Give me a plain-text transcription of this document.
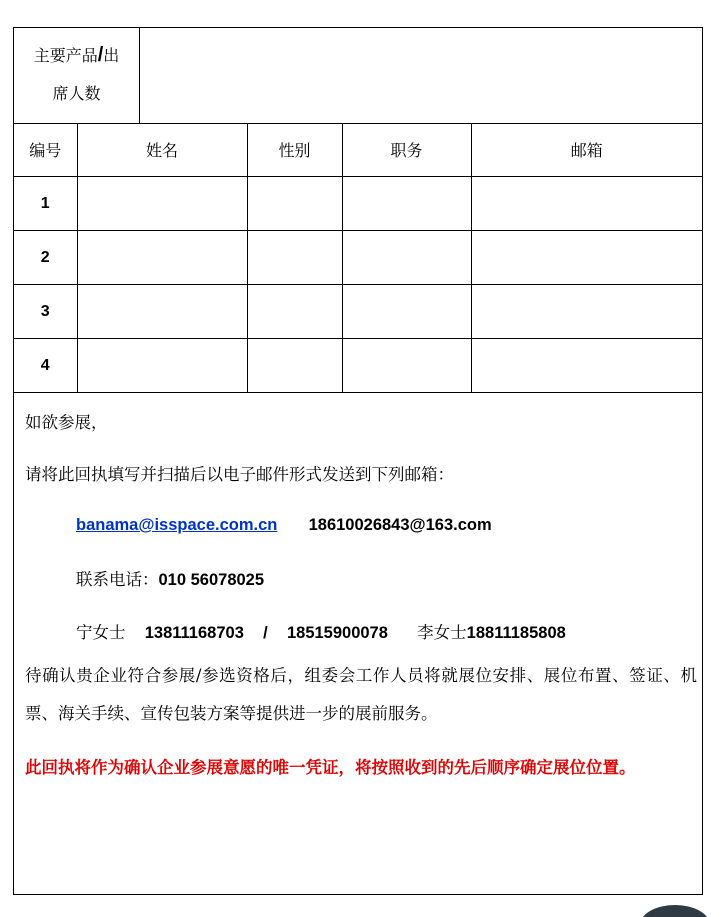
主要产品/出
席人数
编号	姓名	性别	职务	邮箱
1				
2				
3				
4				
如欲参展，
请将此回执填写并扫描后以电子邮件形式发送到下列邮箱：
banama@isspace.com.cn 18610026843@163.com
联系电话：010 56078025
宁女士 13811168703 / 18515900078 李女士18811185808
待确认贵企业符合参展/参选资格后，组委会工作人员将就展位安排、展位布置、签证、机票、海关手续、宣传包装方案等提供进一步的展前服务。
此回执将作为确认企业参展意愿的唯一凭证，将按照收到的先后顺序确定展位位置。
